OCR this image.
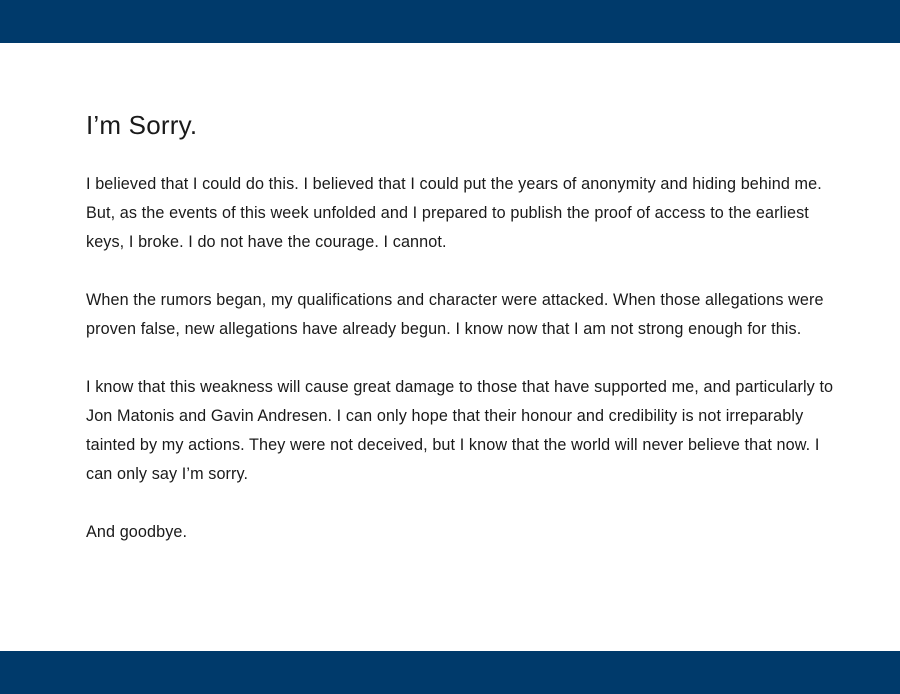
I’m Sorry.

I believed that I could do this. I believed that I could put the years of anonymity and hiding behind me. But, as the events of this week unfolded and I prepared to publish the proof of access to the earliest keys, I broke. I do not have the courage. I cannot.

When the rumors began, my qualifications and character were attacked. When those allegations were proven false, new allegations have already begun. I know now that I am not strong enough for this.

I know that this weakness will cause great damage to those that have supported me, and particularly to Jon Matonis and Gavin Andresen. I can only hope that their honour and credibility is not irreparably tainted by my actions. They were not deceived, but I know that the world will never believe that now. I can only say I’m sorry.

And goodbye.
